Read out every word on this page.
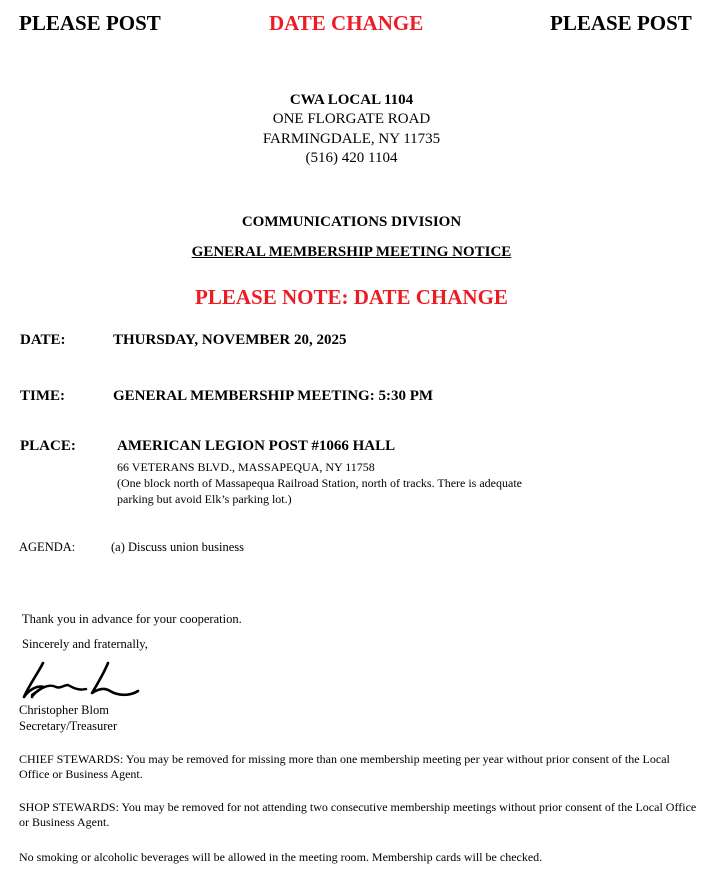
PLEASE POST	DATE CHANGE	PLEASE POST
CWA LOCAL 1104
ONE FLORGATE ROAD
FARMINGDALE, NY 11735
(516) 420 1104
COMMUNICATIONS DIVISION
GENERAL MEMBERSHIP MEETING NOTICE
PLEASE NOTE: DATE CHANGE
DATE:	THURSDAY, NOVEMBER 20, 2025
TIME:	GENERAL MEMBERSHIP MEETING: 5:30 PM
PLACE:	AMERICAN LEGION POST #1066 HALL
66 VETERANS BLVD., MASSAPEQUA, NY 11758
(One block north of Massapequa Railroad Station, north of tracks. There is adequate
parking but avoid Elk’s parking lot.)
AGENDA:	(a) Discuss union business
Thank you in advance for your cooperation.
Sincerely and fraternally,
Christopher Blom
Secretary/Treasurer
CHIEF STEWARDS: You may be removed for missing more than one membership meeting per year without prior consent of the Local Office or Business Agent.
SHOP STEWARDS: You may be removed for not attending two consecutive membership meetings without prior consent of the Local Office or Business Agent.
No smoking or alcoholic beverages will be allowed in the meeting room. Membership cards will be checked.
